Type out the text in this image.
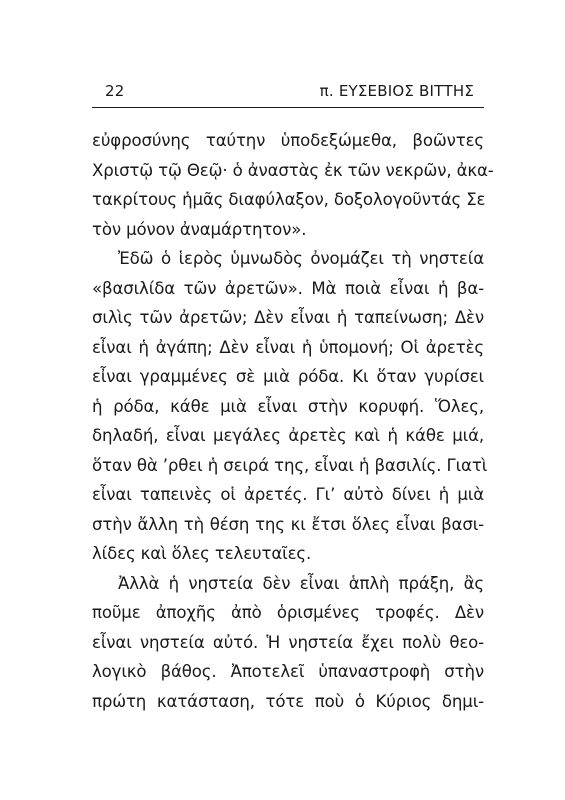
22	π. ΕΥΣΕΒΙΟΣ ΒΙΤΤΗΣ
εὐφροσύνης ταύτην ὑποδεξώμεθα, βοῶντες
Χριστῷ τῷ Θεῷ· ὁ ἀναστὰς ἐκ τῶν νεκρῶν, ἀκα-
τακρίτους ἡμᾶς διαφύλαξον, δοξολογοῦντάς Σε
τὸν μόνον ἀναμάρτητον».
Ἐδῶ ὁ ἱερὸς ὑμνωδὸς ὀνομάζει τὴ νηστεία
«βασιλίδα τῶν ἀρετῶν». Μὰ ποιὰ εἶναι ἡ βα-
σιλὶς τῶν ἀρετῶν; Δὲν εἶναι ἡ ταπείνωση; Δὲν
εἶναι ἡ ἀγάπη; Δὲν εἶναι ἡ ὑπομονή; Οἱ ἀρετὲς
εἶναι γραμμένες σὲ μιὰ ρόδα. Κι ὅταν γυρίσει
ἡ ρόδα, κάθε μιὰ εἶναι στὴν κορυφή. Ὅλες,
δηλαδή, εἶναι μεγάλες ἀρετὲς καὶ ἡ κάθε μιά,
ὅταν θὰ ’ρθει ἡ σειρά της, εἶναι ἡ βασιλίς. Γιατὶ
εἶναι ταπεινὲς οἱ ἀρετές. Γι’ αὐτὸ δίνει ἡ μιὰ
στὴν ἄλλη τὴ θέση της κι ἔτσι ὅλες εἶναι βασι-
λίδες καὶ ὅλες τελευταῖες.
Ἀλλὰ ἡ νηστεία δὲν εἶναι ἁπλὴ πράξη, ἂς
ποῦμε ἀποχῆς ἀπὸ ὁρισμένες τροφές. Δὲν
εἶναι νηστεία αὐτό. Ἡ νηστεία ἔχει πολὺ θεο-
λογικὸ βάθος. Ἀποτελεῖ ὑπαναστροφὴ στὴν
πρώτη κατάσταση, τότε ποὺ ὁ Κύριος δημι-
